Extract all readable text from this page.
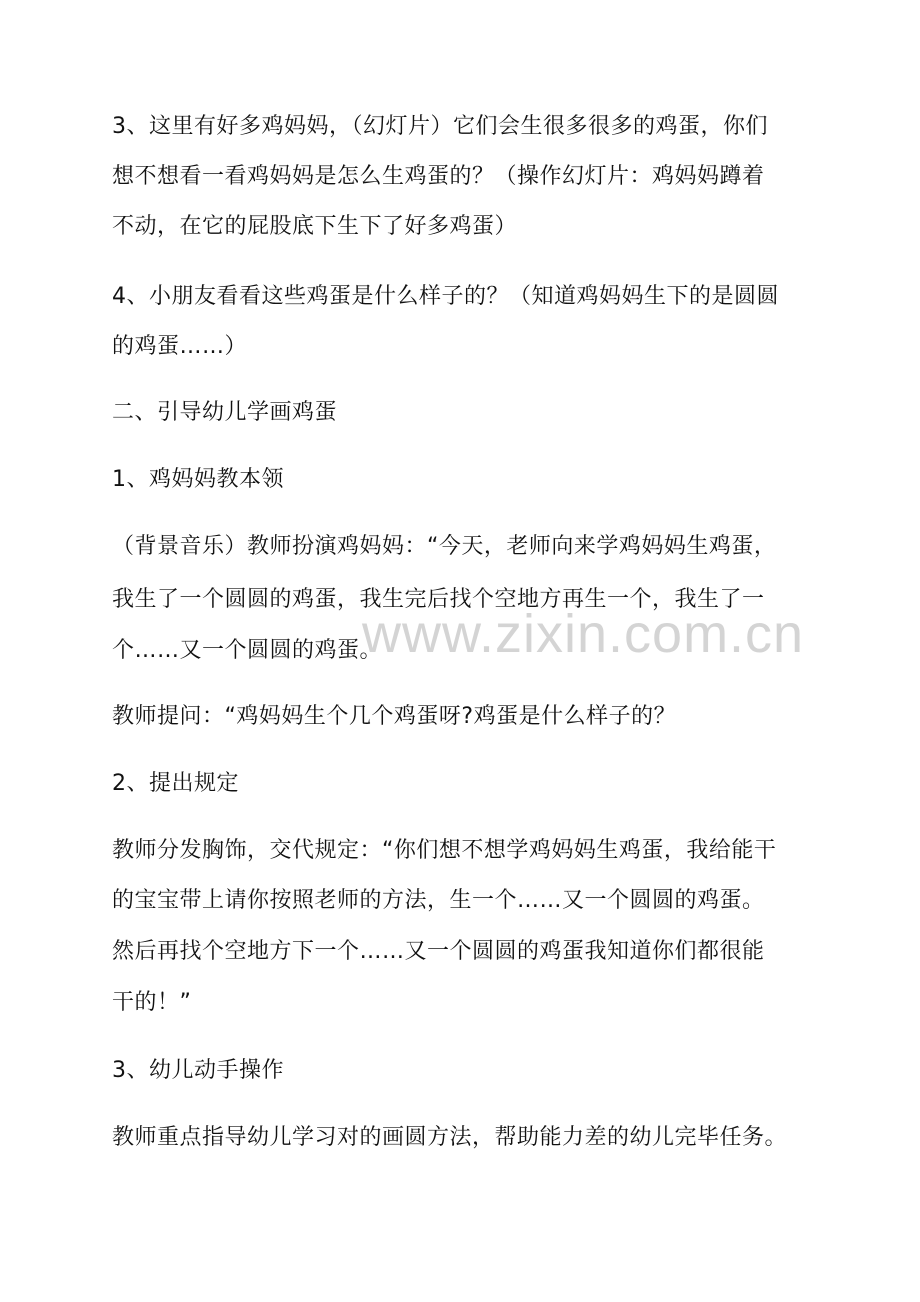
3、这里有好多鸡妈妈，（幻灯片）它们会生很多很多的鸡蛋，你们
想不想看一看鸡妈妈是怎么生鸡蛋的？（操作幻灯片：鸡妈妈蹲着
不动，在它的屁股底下生下了好多鸡蛋）
4、小朋友看看这些鸡蛋是什么样子的？（知道鸡妈妈生下的是圆圆
的鸡蛋……）
二、引导幼儿学画鸡蛋
1、鸡妈妈教本领
（背景音乐）教师扮演鸡妈妈：“今天，老师向来学鸡妈妈生鸡蛋，
我生了一个圆圆的鸡蛋，我生完后找个空地方再生一个，我生了一
个……又一个圆圆的鸡蛋。
教师提问：“鸡妈妈生个几个鸡蛋呀?鸡蛋是什么样子的？
2、提出规定
教师分发胸饰，交代规定：“你们想不想学鸡妈妈生鸡蛋，我给能干
的宝宝带上请你按照老师的方法，生一个……又一个圆圆的鸡蛋。
然后再找个空地方下一个……又一个圆圆的鸡蛋我知道你们都很能
干的！”
3、幼儿动手操作
教师重点指导幼儿学习对的画圆方法，帮助能力差的幼儿完毕任务。
www.zixin.com.cn
